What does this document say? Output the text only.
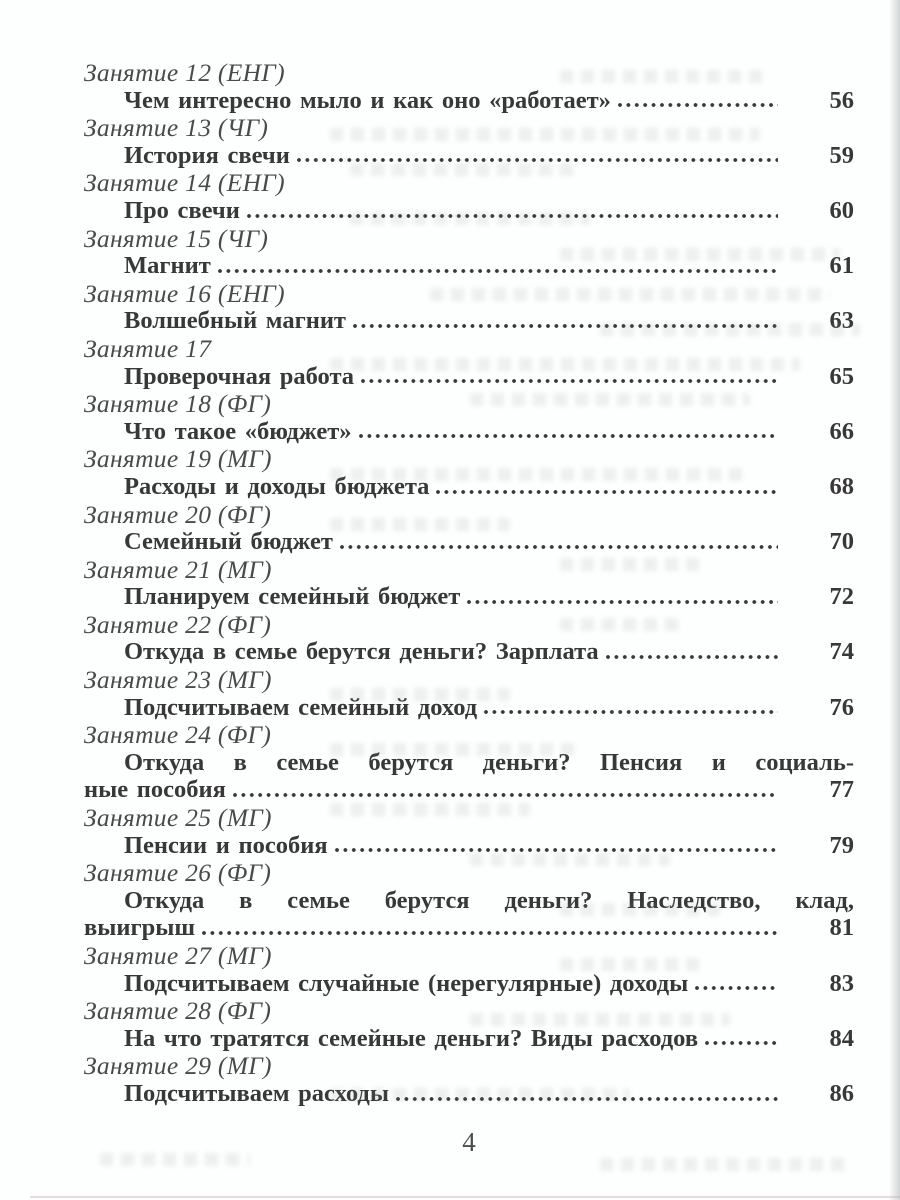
Занятие 12 (ЕНГ)
Чем интересно мыло и как оно «работает»	56
Занятие 13 (ЧГ)
История свечи	59
Занятие 14 (ЕНГ)
Про свечи	60
Занятие 15 (ЧГ)
Магнит	61
Занятие 16 (ЕНГ)
Волшебный магнит	63
Занятие 17
Проверочная работа	65
Занятие 18 (ФГ)
Что такое «бюджет»	66
Занятие 19 (МГ)
Расходы и доходы бюджета	68
Занятие 20 (ФГ)
Семейный бюджет	70
Занятие 21 (МГ)
Планируем семейный бюджет	72
Занятие 22 (ФГ)
Откуда в семье берутся деньги? Зарплата	74
Занятие 23 (МГ)
Подсчитываем семейный доход	76
Занятие 24 (ФГ)
Откуда в семье берутся деньги? Пенсия и социаль-
ные пособия	77
Занятие 25 (МГ)
Пенсии и пособия	79
Занятие 26 (ФГ)
Откуда в семье берутся деньги? Наследство, клад,
выигрыш	81
Занятие 27 (МГ)
Подсчитываем случайные (нерегулярные) доходы	83
Занятие 28 (ФГ)
На что тратятся семейные деньги? Виды расходов	84
Занятие 29 (МГ)
Подсчитываем расходы	86
4
